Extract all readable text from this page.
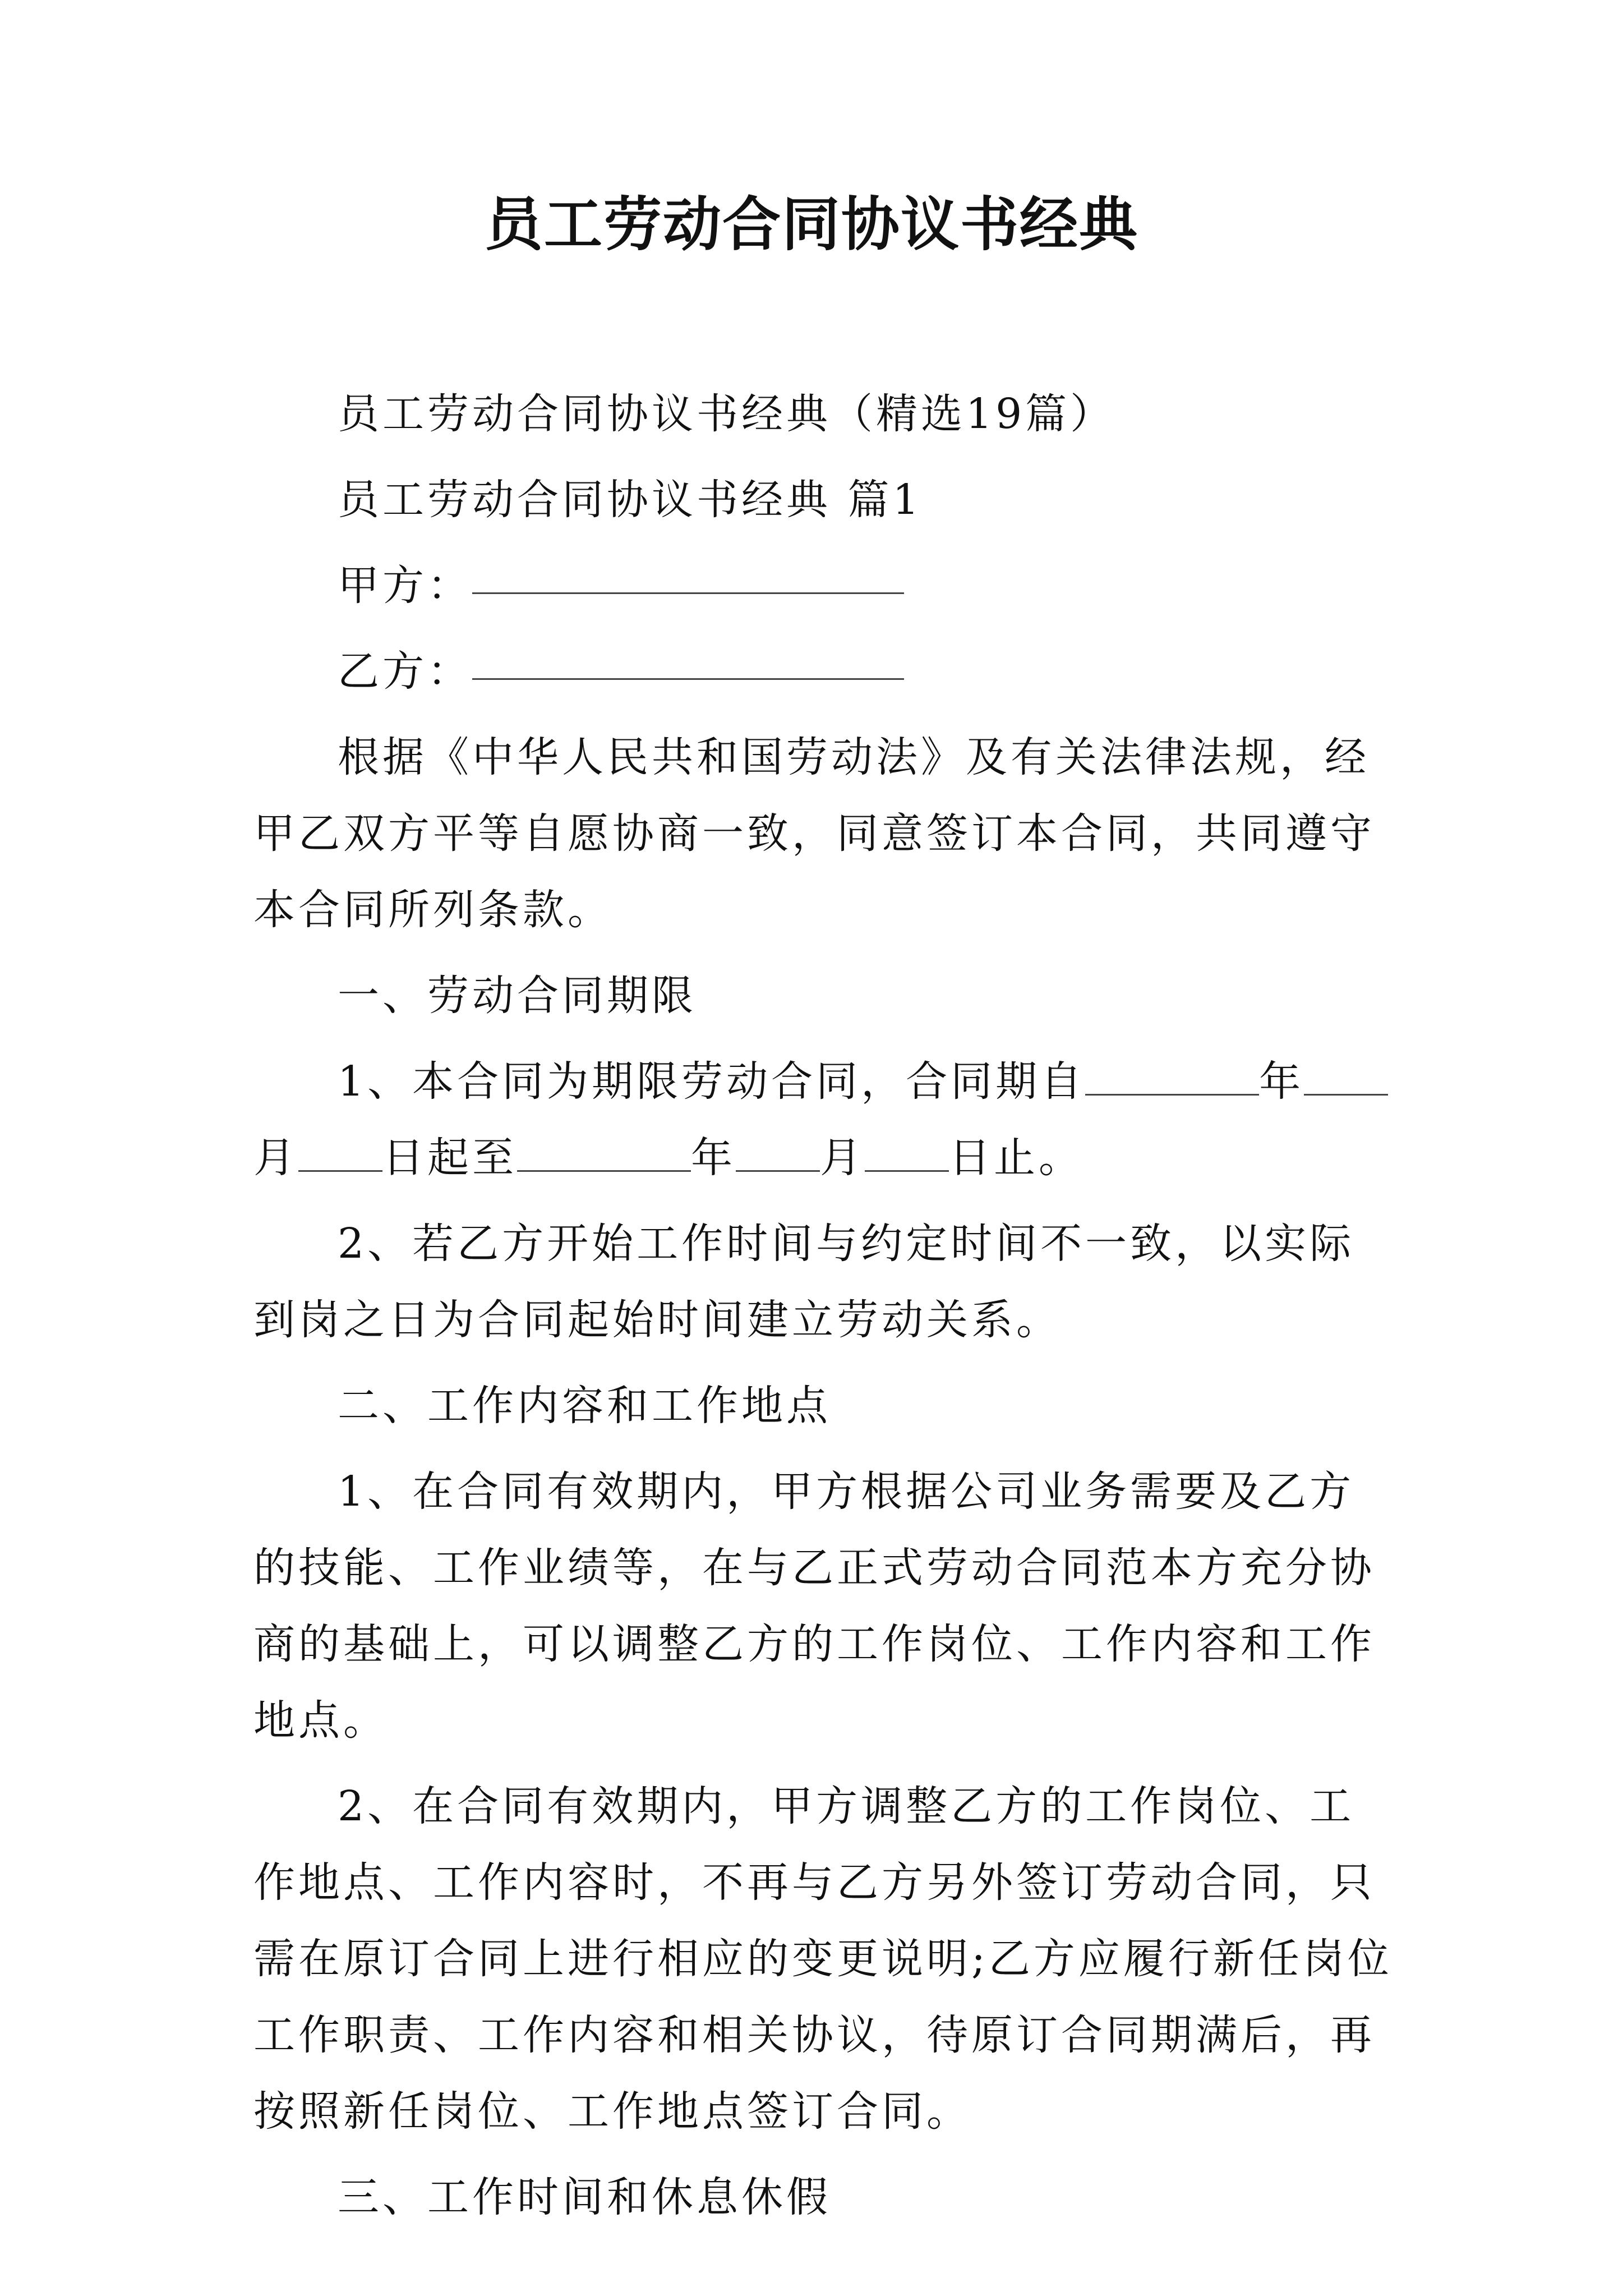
员工劳动合同协议书经典

员工劳动合同协议书经典（精选19篇）

员工劳动合同协议书经典 篇1

甲方：

乙方：

根据《中华人民共和国劳动法》及有关法律法规，经甲乙双方平等自愿协商一致，同意签订本合同，共同遵守本合同所列条款。

一、劳动合同期限

1、本合同为期限劳动合同，合同期自	年月 日起至	年 月 日止。

2、若乙方开始工作时间与约定时间不一致，以实际到岗之日为合同起始时间建立劳动关系。

二、工作内容和工作地点

1、在合同有效期内，甲方根据公司业务需要及乙方的技能、工作业绩等，在与乙正式劳动合同范本方充分协商的基础上，可以调整乙方的工作岗位、工作内容和工作地点。

2、在合同有效期内，甲方调整乙方的工作岗位、工作地点、工作内容时，不再与乙方另外签订劳动合同，只需在原订合同上进行相应的变更说明;乙方应履行新任岗位工作职责、工作内容和相关协议，待原订合同期满后，再按照新任岗位、工作地点签订合同。

三、工作时间和休息休假
